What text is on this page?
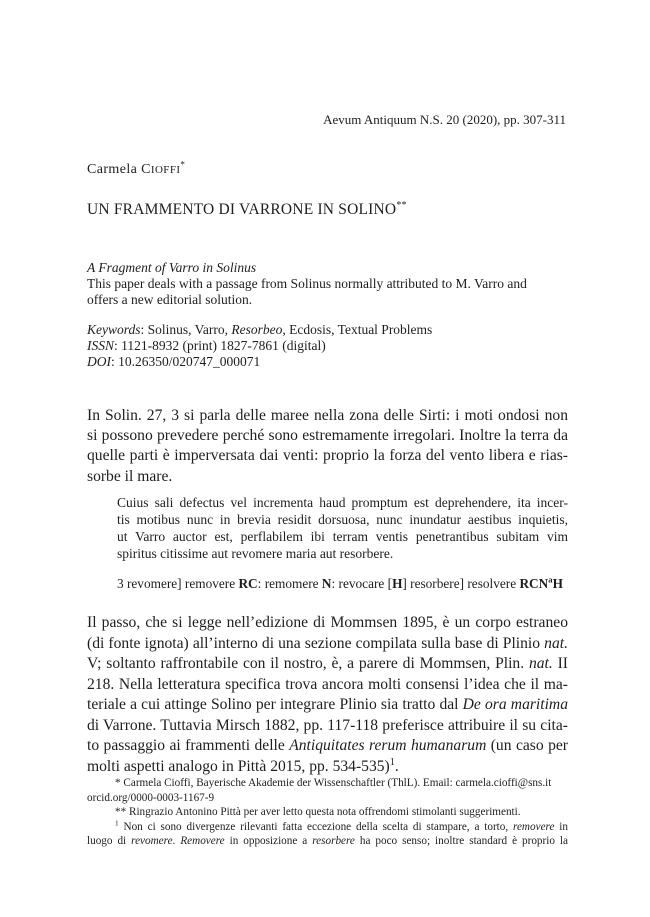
Aevum Antiquum N.S. 20 (2020), pp. 307-311
Carmela CIOFFI*
UN FRAMMENTO DI VARRONE IN SOLINO**
A Fragment of Varro in Solinus
This paper deals with a passage from Solinus normally attributed to M. Varro and
offers a new editorial solution.
Keywords: Solinus, Varro, Resorbeo, Ecdosis, Textual Problems
ISSN: 1121-8932 (print) 1827-7861 (digital)
DOI: 10.26350/020747_000071
In Solin. 27, 3 si parla delle maree nella zona delle Sirti: i moti ondosi non
si possono prevedere perché sono estremamente irregolari. Inoltre la terra da
quelle parti è imperversata dai venti: proprio la forza del vento libera e rias-
sorbe il mare.
Cuius sali defectus vel incrementa haud promptum est deprehendere, ita incer-
tis motibus nunc in brevia residit dorsuosa, nunc inundatur aestibus inquietis,
ut Varro auctor est, perflabilem ibi terram ventis penetrantibus subitam vim
spiritus citissime aut revomere maria aut resorbere.
3 revomere] removere RC: remomere N: revocare [H] resorbere] resolvere RCN$^a$H
Il passo, che si legge nell’edizione di Mommsen 1895, è un corpo estraneo
(di fonte ignota) all’interno di una sezione compilata sulla base di Plinio nat.
V; soltanto raffrontabile con il nostro, è, a parere di Mommsen, Plin. nat. II
218. Nella letteratura specifica trova ancora molti consensi l’idea che il ma-
teriale a cui attinge Solino per integrare Plinio sia tratto dal De ora maritima
di Varrone. Tuttavia Mirsch 1882, pp. 117-118 preferisce attribuire il su cita-
to passaggio ai frammenti delle Antiquitates rerum humanarum (un caso per
molti aspetti analogo in Pittà 2015, pp. 534-535)$^1$.

* Carmela Cioffi, Bayerische Akademie der Wissenschaftler (ThlL). Email: carmela.cioffi@sns.it

orcid.org/0000-0003-1167-9

** Ringrazio Antonino Pittà per aver letto questa nota offrendomi stimolanti suggerimenti.

$^1$ Non ci sono divergenze rilevanti fatta eccezione della scelta di stampare, a torto, removere in

luogo di revomere. Removere in opposizione a resorbere ha poco senso; inoltre standard è proprio la
